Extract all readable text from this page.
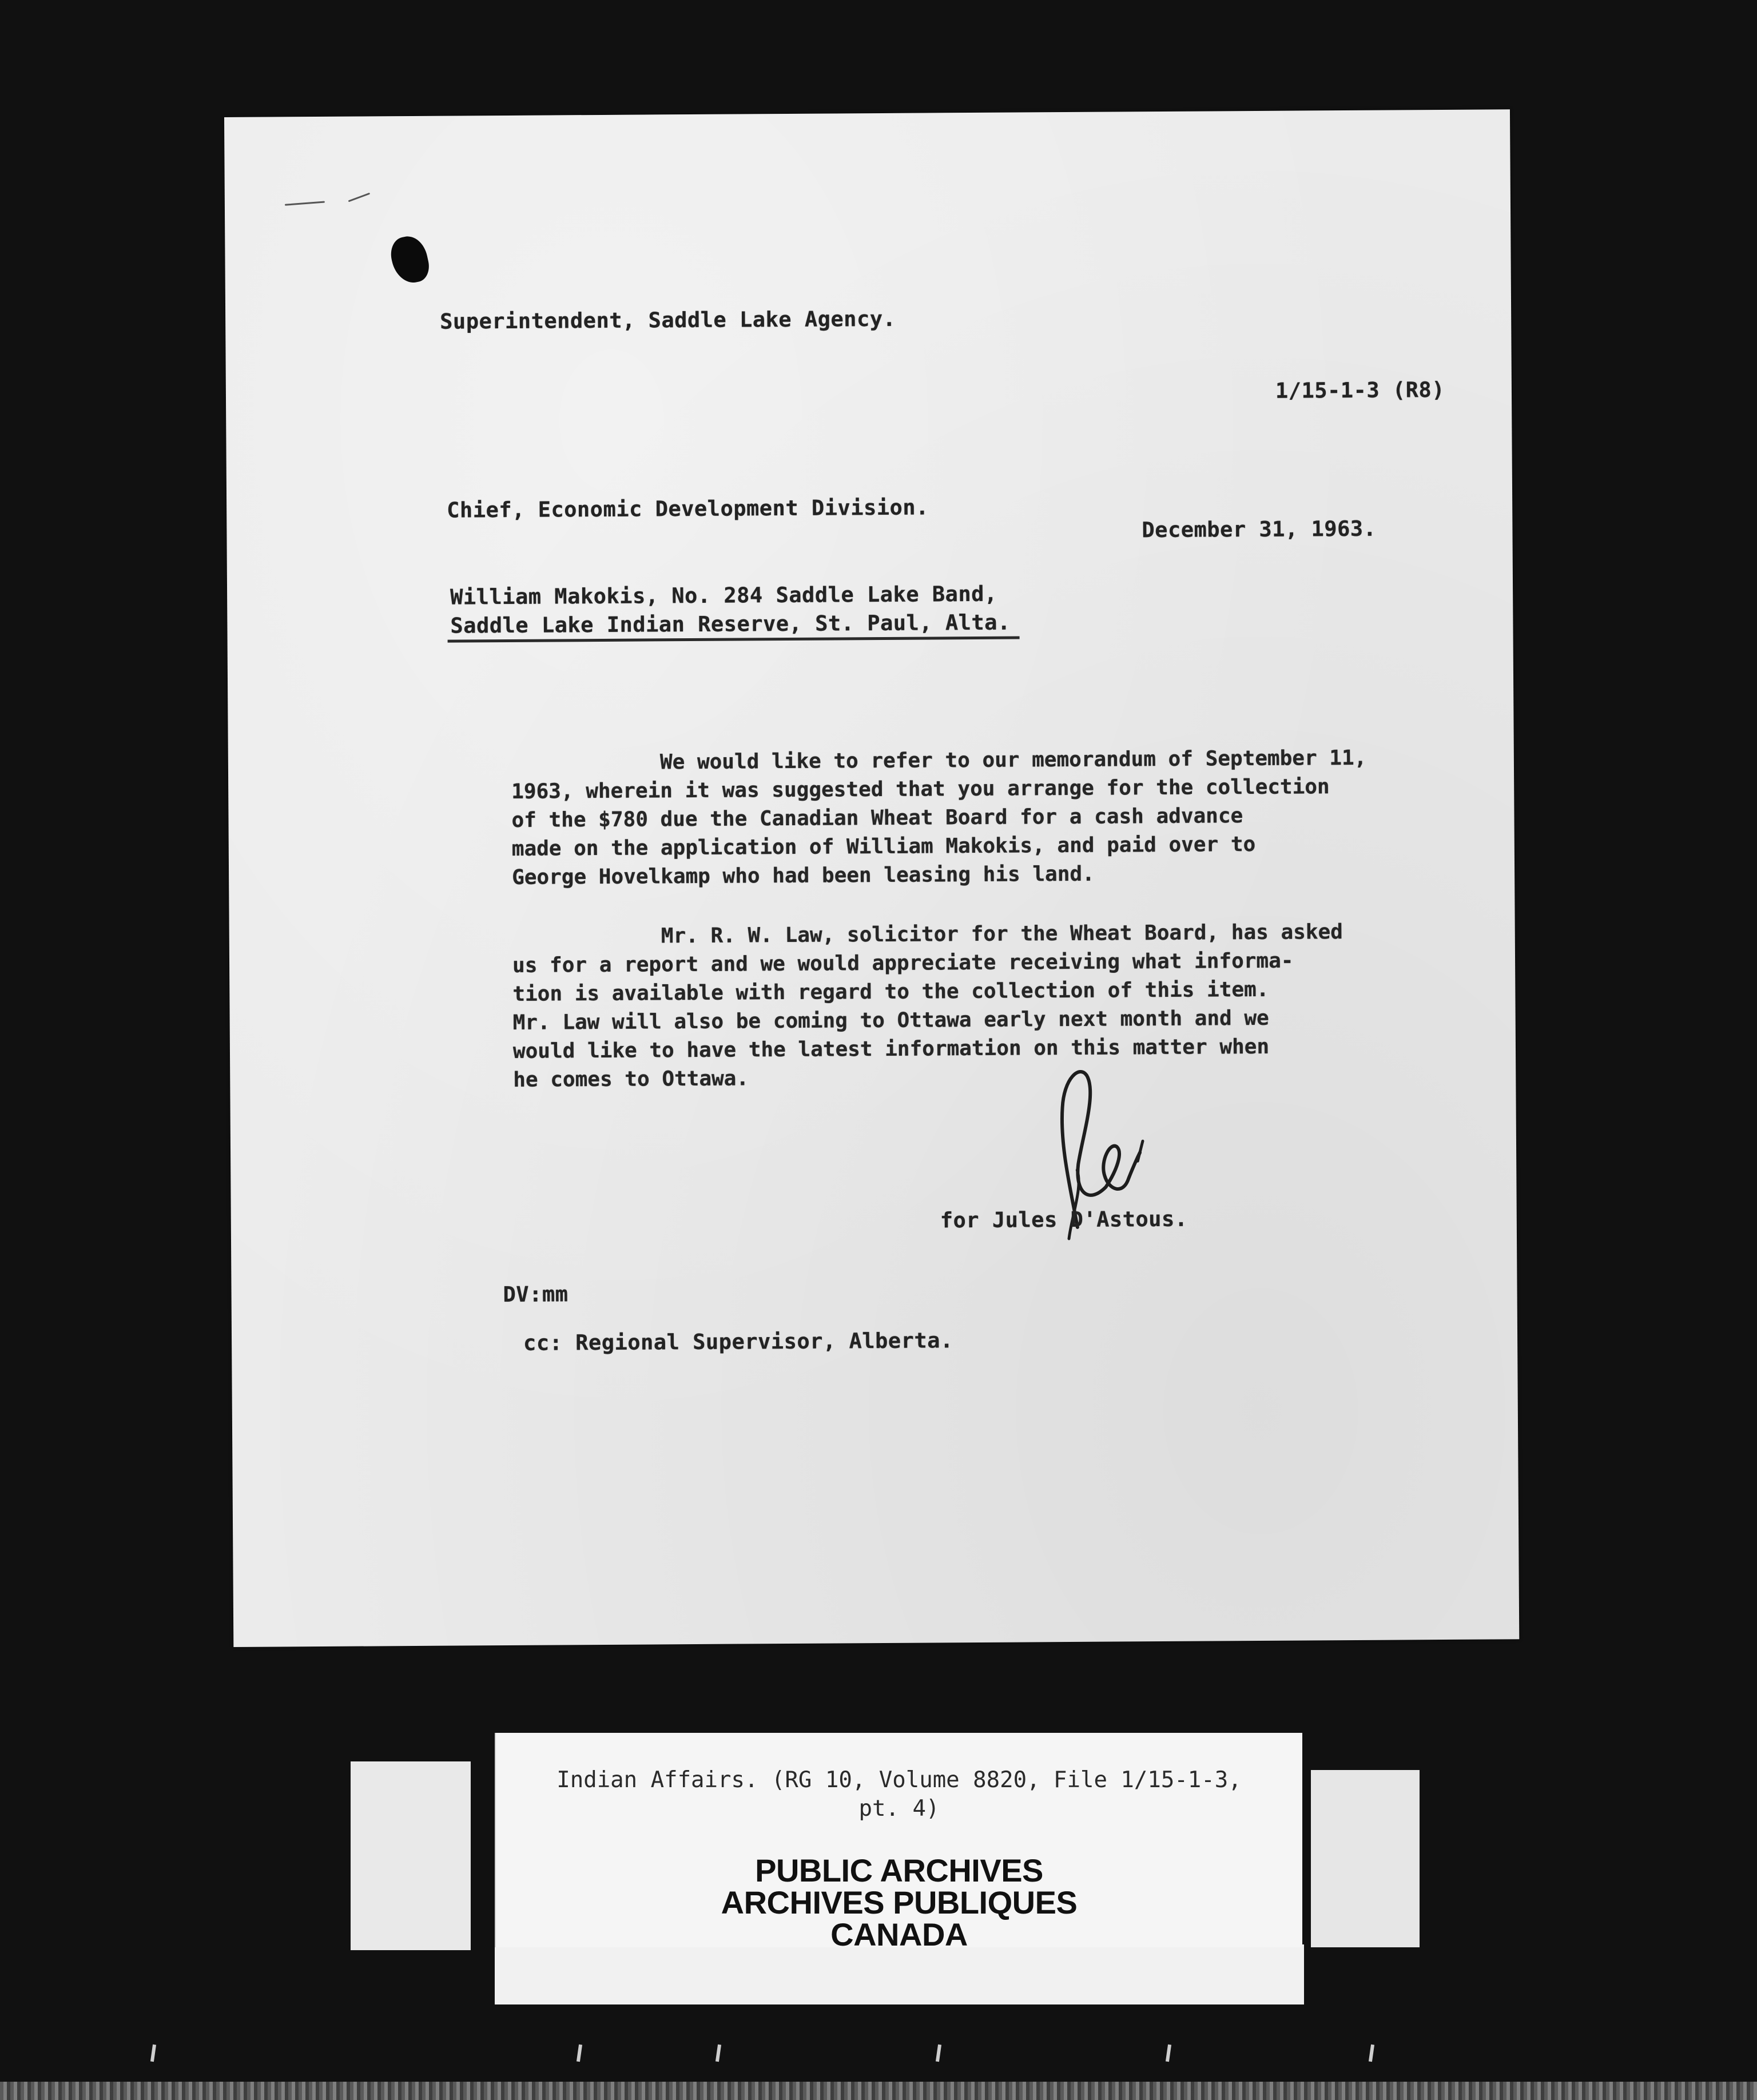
Superintendent, Saddle Lake Agency.
1/15-1-3 (R8)
Chief, Economic Development Division.
December 31, 1963.
William Makokis, No. 284 Saddle Lake Band,
Saddle Lake Indian Reserve, St. Paul, Alta.
We would like to refer to our memorandum of September 11,
1963, wherein it was suggested that you arrange for the collection
of the $780 due the Canadian Wheat Board for a cash advance
made on the application of William Makokis, and paid over to
George Hovelkamp who had been leasing his land.
Mr. R. W. Law, solicitor for the Wheat Board, has asked
us for a report and we would appreciate receiving what informa-
tion is available with regard to the collection of this item.
Mr. Law will also be coming to Ottawa early next month and we
would like to have the latest information on this matter when
he comes to Ottawa.
for Jules D'Astous.
DV:mm
cc: Regional Supervisor, Alberta.
Indian Affairs. (RG 10, Volume 8820, File 1/15-1-3,
pt. 4)
PUBLIC ARCHIVES
ARCHIVES PUBLIQUES
CANADA
